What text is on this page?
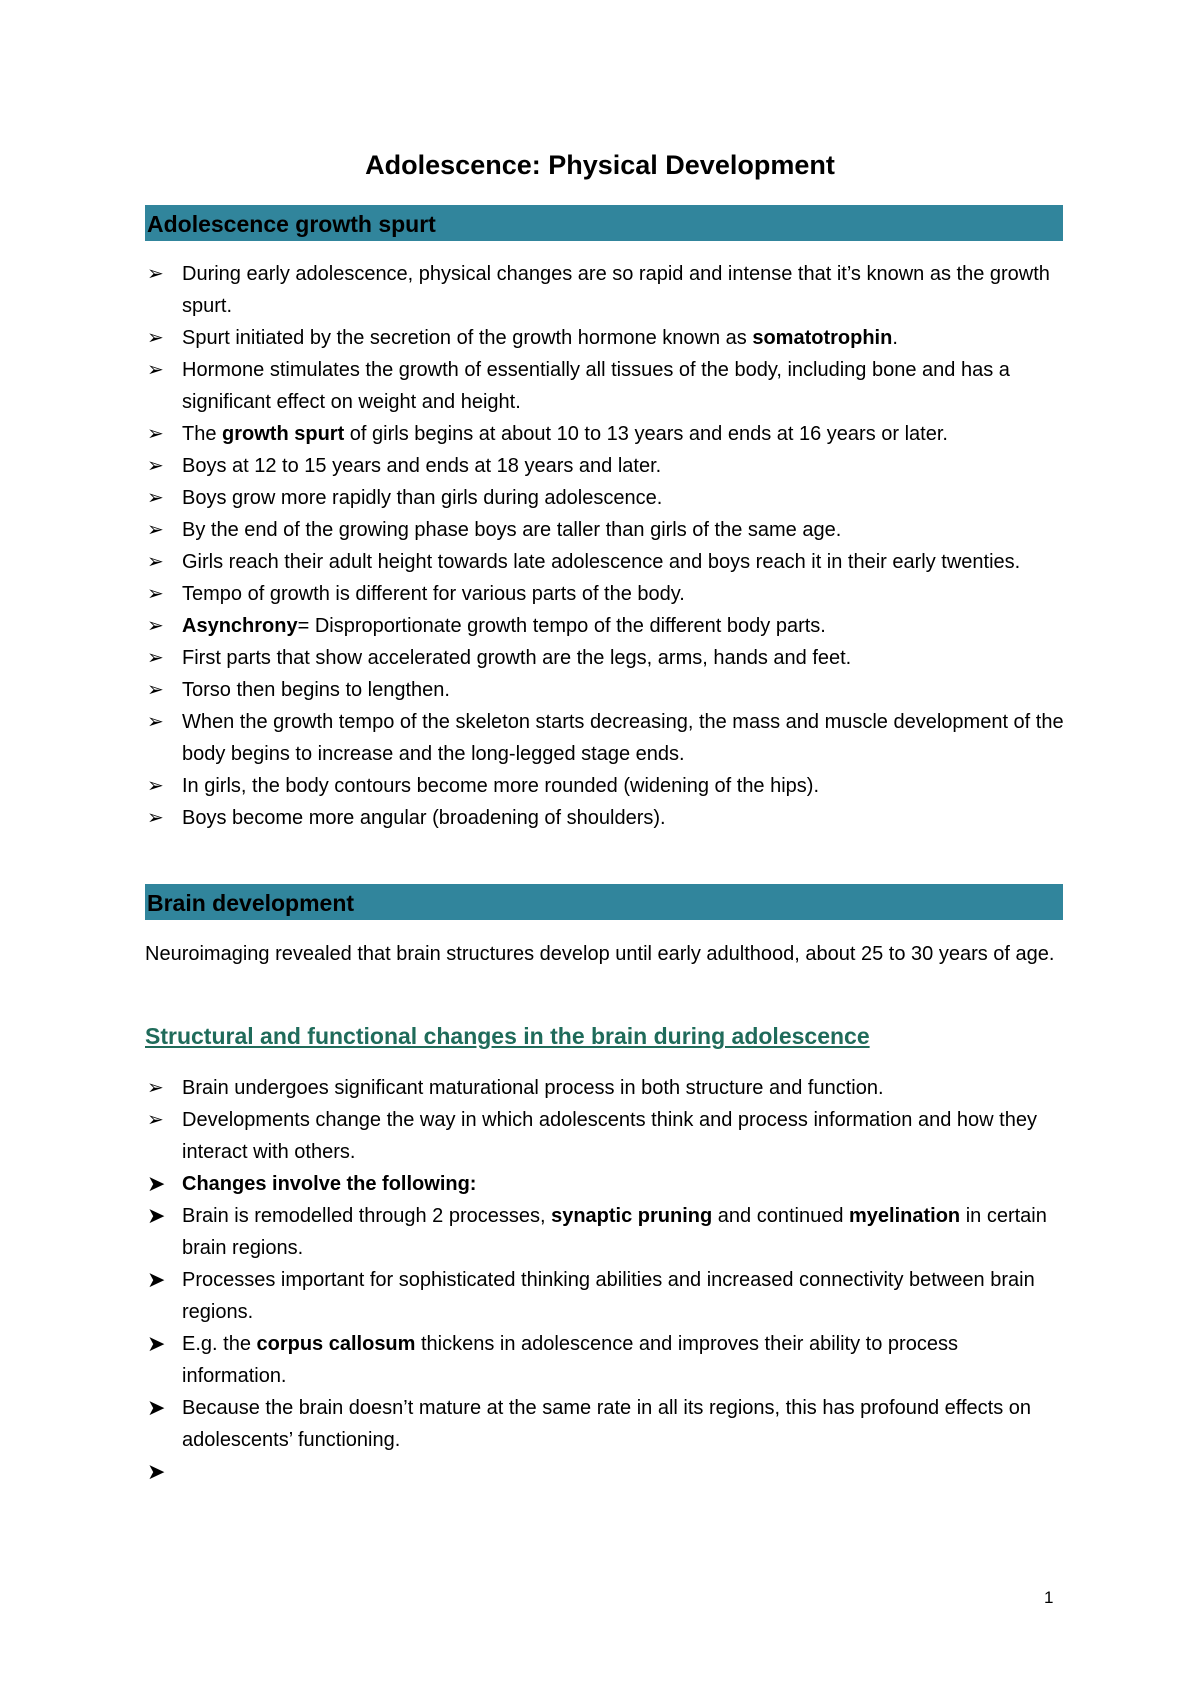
Adolescence: Physical Development
Adolescence growth spurt
➢ During early adolescence, physical changes are so rapid and intense that it’s known as the growth spurt.
➢ Spurt initiated by the secretion of the growth hormone known as somatotrophin.
➢ Hormone stimulates the growth of essentially all tissues of the body, including bone and has a significant effect on weight and height.
➢ The growth spurt of girls begins at about 10 to 13 years and ends at 16 years or later.
➢ Boys at 12 to 15 years and ends at 18 years and later.
➢ Boys grow more rapidly than girls during adolescence.
➢ By the end of the growing phase boys are taller than girls of the same age.
➢ Girls reach their adult height towards late adolescence and boys reach it in their early twenties.
➢ Tempo of growth is different for various parts of the body.
➢ Asynchrony= Disproportionate growth tempo of the different body parts.
➢ First parts that show accelerated growth are the legs, arms, hands and feet.
➢ Torso then begins to lengthen.
➢ When the growth tempo of the skeleton starts decreasing, the mass and muscle development of the body begins to increase and the long-legged stage ends.
➢ In girls, the body contours become more rounded (widening of the hips).
➢ Boys become more angular (broadening of shoulders).
Brain development

Neuroimaging revealed that brain structures develop until early adulthood, about 25 to 30 years of age.

Structural and functional changes in the brain during adolescence
➢ Brain undergoes significant maturational process in both structure and function.
➢ Developments change the way in which adolescents think and process information and how they interact with others.
➤ Changes involve the following:
➤ Brain is remodelled through 2 processes, synaptic pruning and continued myelination in certain brain regions.
➤ Processes important for sophisticated thinking abilities and increased connectivity between brain regions.
➤ E.g. the corpus callosum thickens in adolescence and improves their ability to process information.
➤ Because the brain doesn’t mature at the same rate in all its regions, this has profound effects on adolescents’ functioning.
➤
1
